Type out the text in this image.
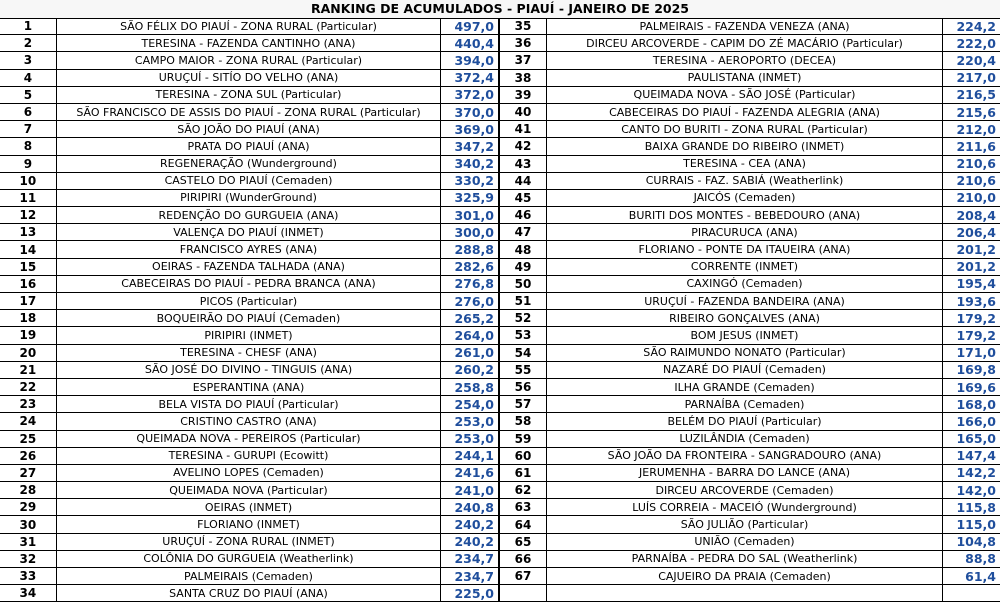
RANKING DE ACUMULADOS - PIAUÍ - JANEIRO DE 2025
1	SÃO FÉLIX DO PIAUÍ - ZONA RURAL (Particular)	497,0
2	TERESINA - FAZENDA CANTINHO (ANA)	440,4
3	CAMPO MAIOR - ZONA RURAL (Particular)	394,0
4	URUÇUÍ - SITÍO DO VELHO (ANA)	372,4
5	TERESINA - ZONA SUL (Particular)	372,0
6	SÃO FRANCISCO DE ASSIS DO PIAUÍ - ZONA RURAL (Particular)	370,0
7	SÃO JOÃO DO PIAUÍ (ANA)	369,0
8	PRATA DO PIAUÍ (ANA)	347,2
9	REGENERAÇÃO (Wunderground)	340,2
10	CASTELO DO PIAUÍ (Cemaden)	330,2
11	PIRIPIRI (WunderGround)	325,9
12	REDENÇÃO DO GURGUEIA (ANA)	301,0
13	VALENÇA DO PIAUÍ (INMET)	300,0
14	FRANCISCO AYRES (ANA)	288,8
15	OEIRAS - FAZENDA TALHADA (ANA)	282,6
16	CABECEIRAS DO PIAUÍ - PEDRA BRANCA (ANA)	276,8
17	PICOS (Particular)	276,0
18	BOQUEIRÃO DO PIAUÍ (Cemaden)	265,2
19	PIRIPIRI (INMET)	264,0
20	TERESINA - CHESF (ANA)	261,0
21	SÃO JOSÉ DO DIVINO - TINGUIS (ANA)	260,2
22	ESPERANTINA (ANA)	258,8
23	BELA VISTA DO PIAUÍ (Particular)	254,0
24	CRISTINO CASTRO (ANA)	253,0
25	QUEIMADA NOVA - PEREIROS (Particular)	253,0
26	TERESINA - GURUPI (Ecowitt)	244,1
27	AVELINO LOPES (Cemaden)	241,6
28	QUEIMADA NOVA (Particular)	241,0
29	OEIRAS (INMET)	240,8
30	FLORIANO (INMET)	240,2
31	URUÇUÍ - ZONA RURAL (INMET)	240,2
32	COLÔNIA DO GURGUEIA (Weatherlink)	234,7
33	PALMEIRAIS (Cemaden)	234,7
34	SANTA CRUZ DO PIAUÍ (ANA)	225,0
35	PALMEIRAIS - FAZENDA VENEZA (ANA)	224,2
36	DIRCEU ARCOVERDE - CAPIM DO ZÉ MACÁRIO (Particular)	222,0
37	TERESINA - AEROPORTO (DECEA)	220,4
38	PAULISTANA (INMET)	217,0
39	QUEIMADA NOVA - SÃO JOSÉ (Particular)	216,5
40	CABECEIRAS DO PIAUÍ - FAZENDA ALEGRIA (ANA)	215,6
41	CANTO DO BURITI - ZONA RURAL (Particular)	212,0
42	BAIXA GRANDE DO RIBEIRO (INMET)	211,6
43	TERESINA - CEA (ANA)	210,6
44	CURRAIS - FAZ. SABIÁ (Weatherlink)	210,6
45	JAICÓS (Cemaden)	210,0
46	BURITI DOS MONTES - BEBEDOURO (ANA)	208,4
47	PIRACURUCA (ANA)	206,4
48	FLORIANO - PONTE DA ITAUEIRA (ANA)	201,2
49	CORRENTE (INMET)	201,2
50	CAXINGÓ (Cemaden)	195,4
51	URUÇUÍ - FAZENDA BANDEIRA (ANA)	193,6
52	RIBEIRO GONÇALVES (ANA)	179,2
53	BOM JESUS (INMET)	179,2
54	SÃO RAIMUNDO NONATO (Particular)	171,0
55	NAZARÉ DO PIAUÍ (Cemaden)	169,8
56	ILHA GRANDE (Cemaden)	169,6
57	PARNAÍBA (Cemaden)	168,0
58	BELÉM DO PIAUÍ (Particular)	166,0
59	LUZILÂNDIA (Cemaden)	165,0
60	SÃO JOÃO DA FRONTEIRA - SANGRADOURO (ANA)	147,4
61	JERUMENHA - BARRA DO LANCE (ANA)	142,2
62	DIRCEU ARCOVERDE (Cemaden)	142,0
63	LUÍS CORREIA - MACEIÓ (Wunderground)	115,8
64	SÃO JULIÃO (Particular)	115,0
65	UNIÃO (Cemaden)	104,8
66	PARNAÍBA - PEDRA DO SAL (Weatherlink)	88,8
67	CAJUEIRO DA PRAIA (Cemaden)	61,4
